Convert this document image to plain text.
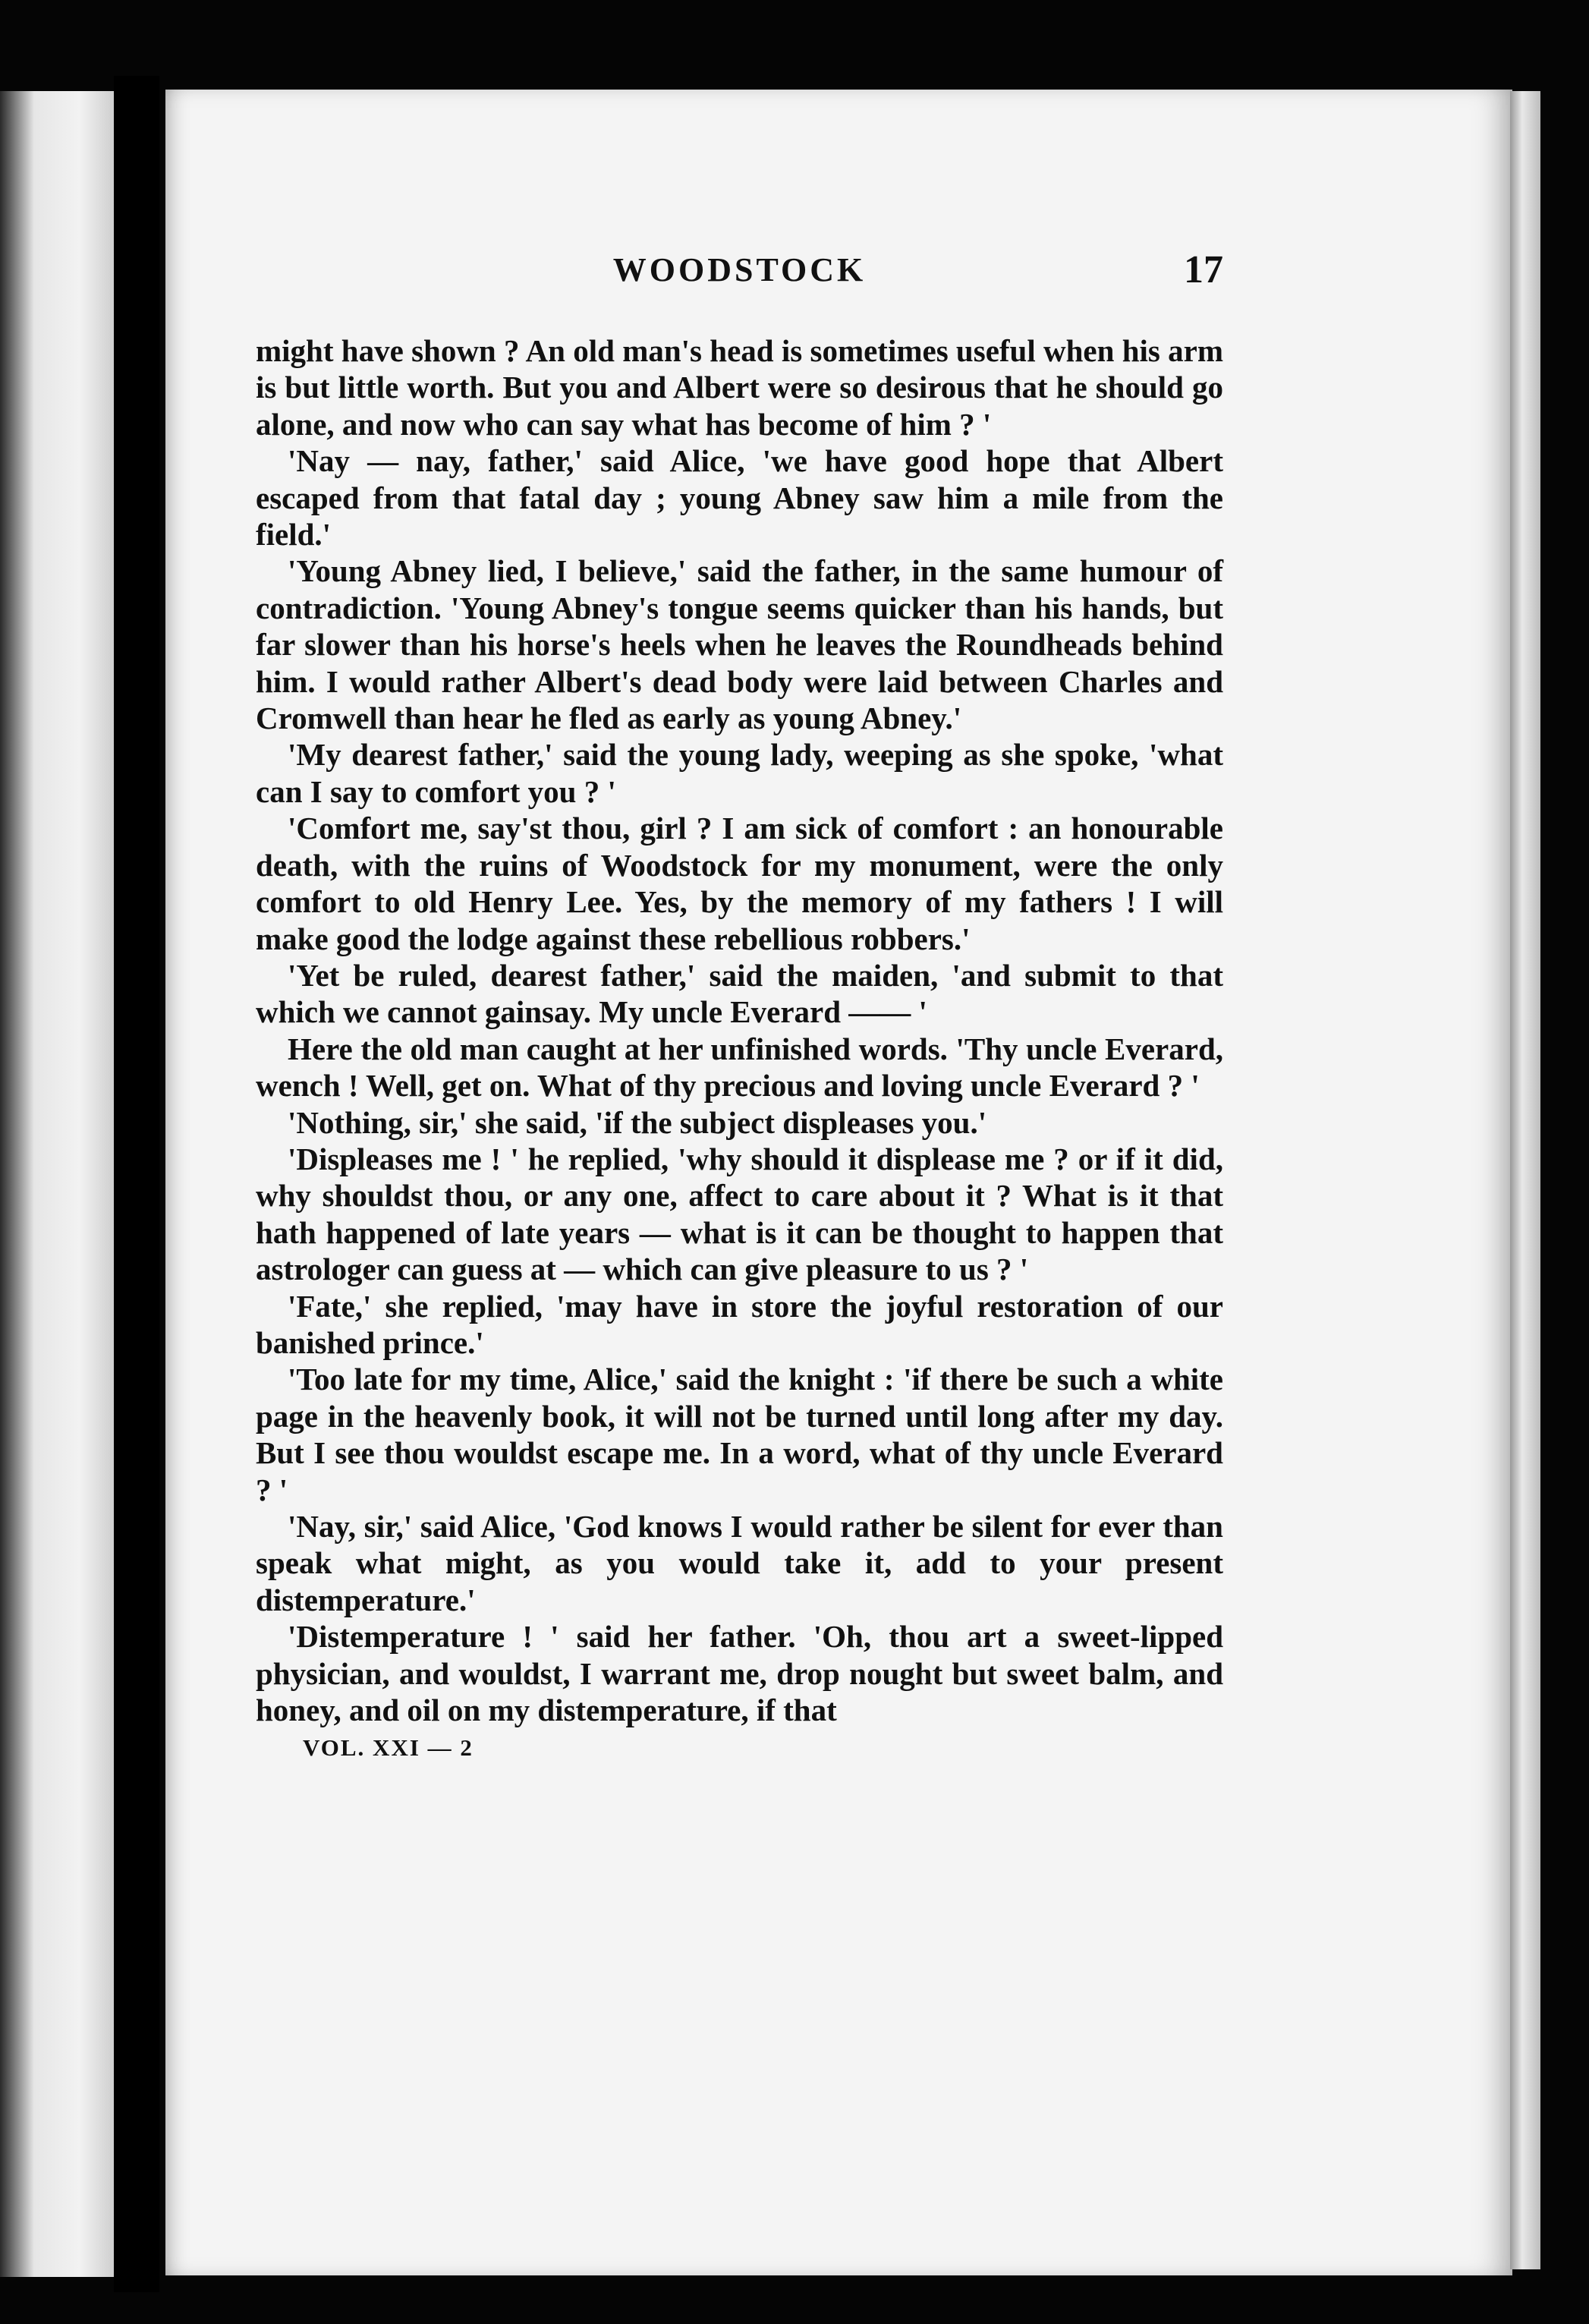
WOODSTOCK	17

might have shown ? An old man's head is sometimes useful when his arm is but little worth. But you and Albert were so desirous that he should go alone, and now who can say what has become of him ? '

'Nay — nay, father,' said Alice, 'we have good hope that Albert escaped from that fatal day ; young Abney saw him a mile from the field.'

'Young Abney lied, I believe,' said the father, in the same humour of contradiction. 'Young Abney's tongue seems quicker than his hands, but far slower than his horse's heels when he leaves the Roundheads behind him. I would rather Albert's dead body were laid between Charles and Cromwell than hear he fled as early as young Abney.'

'My dearest father,' said the young lady, weeping as she spoke, 'what can I say to comfort you ? '

'Comfort me, say'st thou, girl ? I am sick of comfort : an honourable death, with the ruins of Woodstock for my monument, were the only comfort to old Henry Lee. Yes, by the memory of my fathers ! I will make good the lodge against these rebellious robbers.'

'Yet be ruled, dearest father,' said the maiden, 'and submit to that which we cannot gainsay. My uncle Everard —— '

Here the old man caught at her unfinished words. 'Thy uncle Everard, wench ! Well, get on. What of thy precious and loving uncle Everard ? '

'Nothing, sir,' she said, 'if the subject displeases you.'

'Displeases me ! ' he replied, 'why should it displease me ? or if it did, why shouldst thou, or any one, affect to care about it ? What is it that hath happened of late years — what is it can be thought to happen that astrologer can guess at — which can give pleasure to us ? '

'Fate,' she replied, 'may have in store the joyful restoration of our banished prince.'

'Too late for my time, Alice,' said the knight : 'if there be such a white page in the heavenly book, it will not be turned until long after my day. But I see thou wouldst escape me. In a word, what of thy uncle Everard ? '

'Nay, sir,' said Alice, 'God knows I would rather be silent for ever than speak what might, as you would take it, add to your present distemperature.'

'Distemperature ! ' said her father. 'Oh, thou art a sweet-lipped physician, and wouldst, I warrant me, drop nought but sweet balm, and honey, and oil on my distemperature, if that

VOL. XXI — 2
